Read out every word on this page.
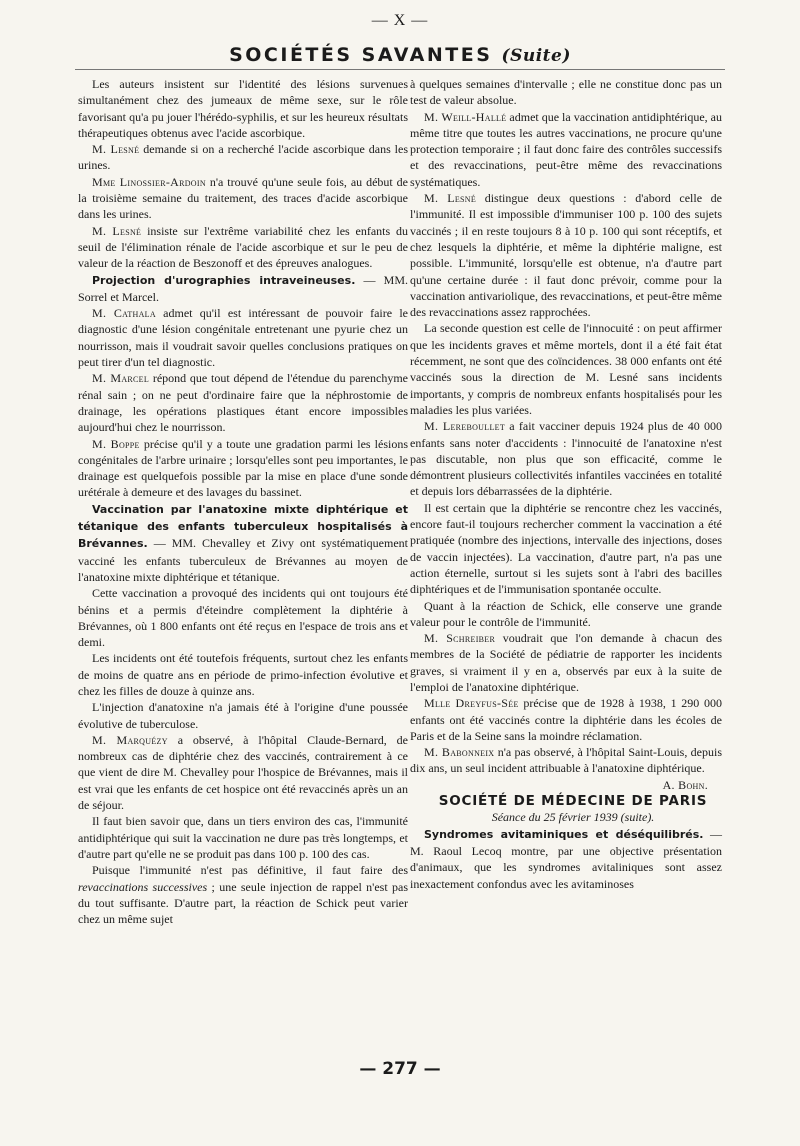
— X —
SOCIÉTÉS SAVANTES (Suite)

Les auteurs insistent sur l'identité des lésions survenues simultanément chez des jumeaux de même sexe, sur le rôle favorisant qu'a pu jouer l'hérédo-syphilis, et sur les heureux résultats thérapeutiques obtenus avec l'acide ascorbique.

M. Lesné demande si on a recherché l'acide ascorbique dans les urines.

Mme Linossier-Ardoin n'a trouvé qu'une seule fois, au début de la troisième semaine du traitement, des traces d'acide ascorbique dans les urines.

M. Lesné insiste sur l'extrême variabilité chez les enfants du seuil de l'élimination rénale de l'acide ascorbique et sur le peu de valeur de la réaction de Beszonoff et des épreuves analogues.

Projection d'urographies intraveineuses. — MM. Sorrel et Marcel.

M. Cathala admet qu'il est intéressant de pouvoir faire le diagnostic d'une lésion congénitale entretenant une pyurie chez un nourrisson, mais il voudrait savoir quelles conclusions pratiques on peut tirer d'un tel diagnostic.

M. Marcel répond que tout dépend de l'étendue du parenchyme rénal sain ; on ne peut d'ordinaire faire que la néphrostomie de drainage, les opérations plastiques étant encore impossibles aujourd'hui chez le nourrisson.

M. Boppe précise qu'il y a toute une gradation parmi les lésions congénitales de l'arbre urinaire ; lorsqu'elles sont peu importantes, le drainage est quelquefois possible par la mise en place d'une sonde urétérale à demeure et des lavages du bassinet.

Vaccination par l'anatoxine mixte diphtérique et tétanique des enfants tuberculeux hospitalisés à Brévannes. — MM. Chevalley et Zivy ont systématiquement vacciné les enfants tuberculeux de Brévannes au moyen de l'anatoxine mixte diphtérique et tétanique.

Cette vaccination a provoqué des incidents qui ont toujours été bénins et a permis d'éteindre complètement la diphtérie à Brévannes, où 1 800 enfants ont été reçus en l'espace de trois ans et demi.

Les incidents ont été toutefois fréquents, surtout chez les enfants de moins de quatre ans en période de primo-infection évolutive et chez les filles de douze à quinze ans.

L'injection d'anatoxine n'a jamais été à l'origine d'une poussée évolutive de tuberculose.

M. Marquézy a observé, à l'hôpital Claude-Bernard, de nombreux cas de diphtérie chez des vaccinés, contrairement à ce que vient de dire M. Chevalley pour l'hospice de Brévannes, mais il est vrai que les enfants de cet hospice ont été revaccinés après un an de séjour.

Il faut bien savoir que, dans un tiers environ des cas, l'immunité antidiphtérique qui suit la vaccination ne dure pas très longtemps, et d'autre part qu'elle ne se produit pas dans 100 p. 100 des cas.

Puisque l'immunité n'est pas définitive, il faut faire des revaccinations successives ; une seule injection de rappel n'est pas du tout suffisante. D'autre part, la réaction de Schick peut varier chez un même sujet

à quelques semaines d'intervalle ; elle ne constitue donc pas un test de valeur absolue.

M. Weill-Hallé admet que la vaccination antidiphtérique, au même titre que toutes les autres vaccinations, ne procure qu'une protection temporaire ; il faut donc faire des contrôles successifs et des revaccinations, peut-être même des revaccinations systématiques.

M. Lesné distingue deux questions : d'abord celle de l'immunité. Il est impossible d'immuniser 100 p. 100 des sujets vaccinés ; il en reste toujours 8 à 10 p. 100 qui sont réceptifs, et chez lesquels la diphtérie, et même la diphtérie maligne, est possible. L'immunité, lorsqu'elle est obtenue, n'a d'autre part qu'une certaine durée : il faut donc prévoir, comme pour la vaccination antivariolique, des revaccinations, et peut-être même des revaccinations assez rapprochées.

La seconde question est celle de l'innocuité : on peut affirmer que les incidents graves et même mortels, dont il a été fait état récemment, ne sont que des coïncidences. 38 000 enfants ont été vaccinés sous la direction de M. Lesné sans incidents importants, y compris de nombreux enfants hospitalisés pour les maladies les plus variées.

M. Lereboullet a fait vacciner depuis 1924 plus de 40 000 enfants sans noter d'accidents : l'innocuité de l'anatoxine n'est pas discutable, non plus que son efficacité, comme le démontrent plusieurs collectivités infantiles vaccinées en totalité et depuis lors débarrassées de la diphtérie.

Il est certain que la diphtérie se rencontre chez les vaccinés, encore faut-il toujours rechercher comment la vaccination a été pratiquée (nombre des injections, intervalle des injections, doses de vaccin injectées). La vaccination, d'autre part, n'a pas une action éternelle, surtout si les sujets sont à l'abri des bacilles diphtériques et de l'immunisation spontanée occulte.

Quant à la réaction de Schick, elle conserve une grande valeur pour le contrôle de l'immunité.

M. Schreiber voudrait que l'on demande à chacun des membres de la Société de pédiatrie de rapporter les incidents graves, si vraiment il y en a, observés par eux à la suite de l'emploi de l'anatoxine diphtérique.

Mlle Dreyfus-Sée précise que de 1928 à 1938, 1 290 000 enfants ont été vaccinés contre la diphtérie dans les écoles de Paris et de la Seine sans la moindre réclamation.

M. Babonneix n'a pas observé, à l'hôpital Saint-Louis, depuis dix ans, un seul incident attribuable à l'anatoxine diphtérique.

A. Bohn.

SOCIÉTÉ DE MÉDECINE DE PARIS

Séance du 25 février 1939 (suite).

Syndromes avitaminiques et déséquilibrés. — M. Raoul Lecoq montre, par une objective présentation d'animaux, que les syndromes avitaliniques sont assez inexactement confondus avec les avitaminoses

— 277 —
